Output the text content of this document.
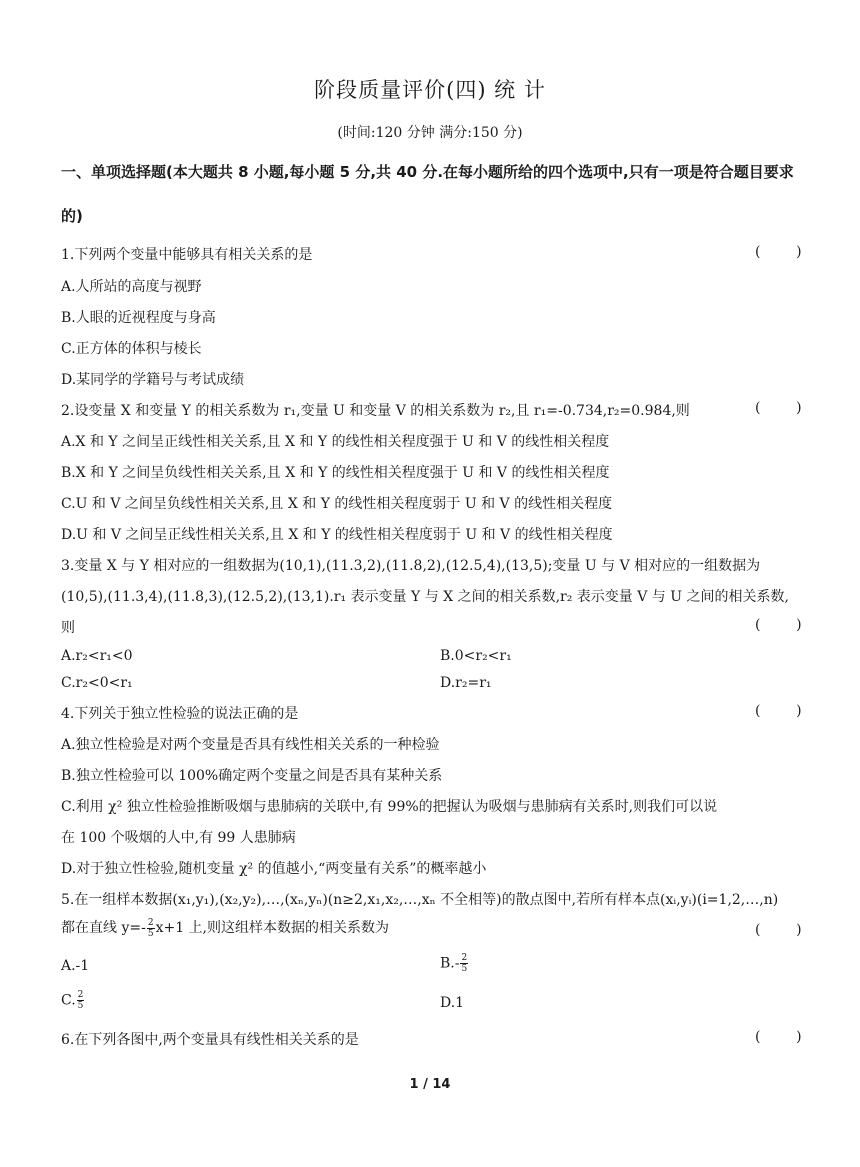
阶段质量评价(四) 统 计
(时间:120 分钟 满分:150 分)
一、单项选择题(本大题共 8 小题,每小题 5 分,共 40 分.在每小题所给的四个选项中,只有一项是符合题目要求的)
1.下列两个变量中能够具有相关关系的是	(        )
A.人所站的高度与视野
B.人眼的近视程度与身高
C.正方体的体积与棱长
D.某同学的学籍号与考试成绩
2.设变量 X 和变量 Y 的相关系数为 r₁,变量 U 和变量 V 的相关系数为 r₂,且 r₁=-0.734,r₂=0.984,则	(        )
A.X 和 Y 之间呈正线性相关关系,且 X 和 Y 的线性相关程度强于 U 和 V 的线性相关程度
B.X 和 Y 之间呈负线性相关关系,且 X 和 Y 的线性相关程度强于 U 和 V 的线性相关程度
C.U 和 V 之间呈负线性相关关系,且 X 和 Y 的线性相关程度弱于 U 和 V 的线性相关程度
D.U 和 V 之间呈正线性相关关系,且 X 和 Y 的线性相关程度弱于 U 和 V 的线性相关程度
3.变量 X 与 Y 相对应的一组数据为(10,1),(11.3,2),(11.8,2),(12.5,4),(13,5);变量 U 与 V 相对应的一组数据为
(10,5),(11.3,4),(11.8,3),(12.5,2),(13,1).r₁ 表示变量 Y 与 X 之间的相关系数,r₂ 表示变量 V 与 U 之间的相关系数,
则	(        )
A.r₂<r₁<0	B.0<r₂<r₁
C.r₂<0<r₁	D.r₂=r₁
4.下列关于独立性检验的说法正确的是	(        )
A.独立性检验是对两个变量是否具有线性相关关系的一种检验
B.独立性检验可以 100%确定两个变量之间是否具有某种关系
C.利用 χ² 独立性检验推断吸烟与患肺病的关联中,有 99%的把握认为吸烟与患肺病有关系时,则我们可以说
在 100 个吸烟的人中,有 99 人患肺病
D.对于独立性检验,随机变量 χ² 的值越小,“两变量有关系”的概率越小
5.在一组样本数据(x₁,y₁),(x₂,y₂),…,(xₙ,yₙ)(n≥2,x₁,x₂,…,xₙ 不全相等)的散点图中,若所有样本点(xᵢ,yᵢ)(i=1,2,…,n)
都在直线 $y=- \frac{2}{5} x+1$ 上,则这组样本数据的相关系数为	(        )
A.-1	$B.- \frac{2}{5}$
C. $\frac{2}{5}$	D.1
6.在下列各图中,两个变量具有线性相关关系的是	(        )
1 / 14
